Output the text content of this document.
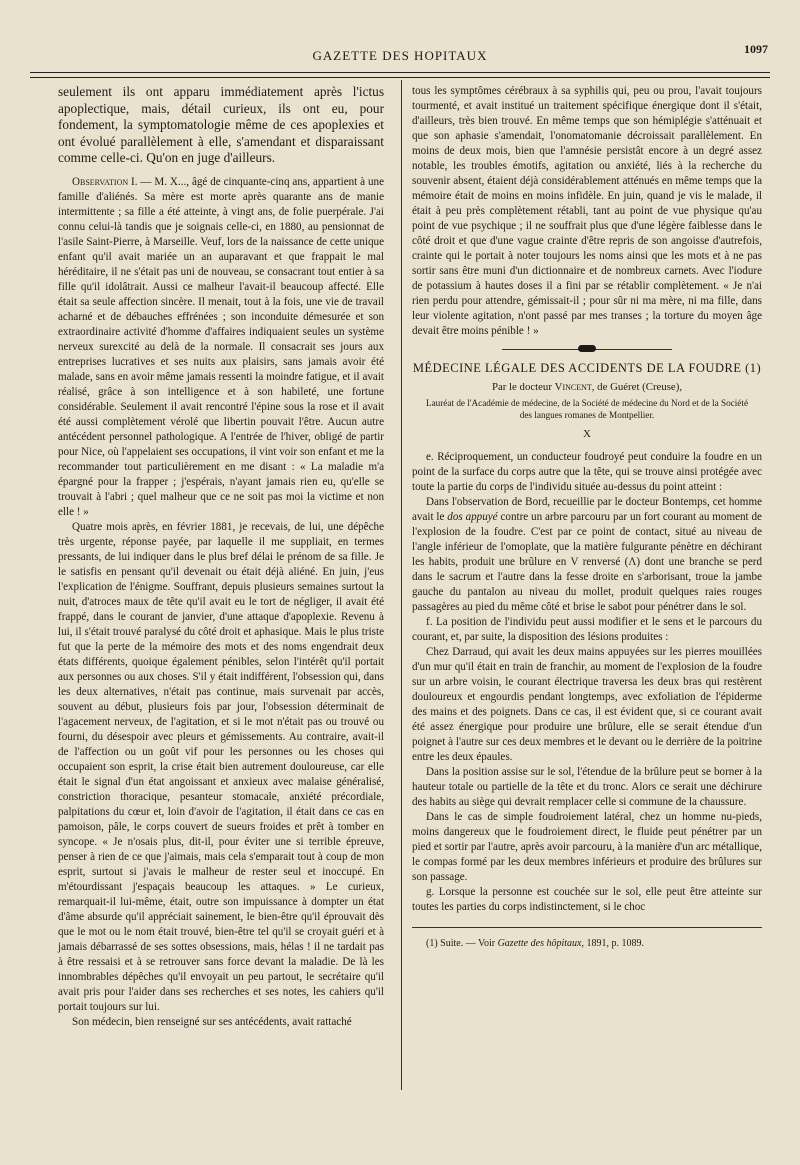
GAZETTE DES HOPITAUX	1097

seulement ils ont apparu immédiatement après l'ictus apoplectique, mais, détail curieux, ils ont eu, pour fondement, la symptomatologie même de ces apoplexies et ont évolué parallèlement à elle, s'amendant et disparaissant comme celle-ci. Qu'on en juge d'ailleurs.

Observation I. — M. X..., âgé de cinquante-cinq ans, appartient à une famille d'aliénés. Sa mère est morte après quarante ans de manie intermittente ; sa fille a été atteinte, à vingt ans, de folie puerpérale. J'ai connu celui-là tandis que je soignais celle-ci, en 1880, au pensionnat de l'asile Saint-Pierre, à Marseille. Veuf, lors de la naissance de cette unique enfant qu'il avait mariée un an auparavant et que frappait le mal héréditaire, il ne s'était pas uni de nouveau, se consacrant tout entier à sa fille qu'il idolâtrait. Aussi ce malheur l'avait-il beaucoup affecté. Elle était sa seule affection sincère. Il menait, tout à la fois, une vie de travail acharné et de débauches effrénées ; son inconduite démesurée et son extraordinaire activité d'homme d'affaires indiquaient seules un système nerveux surexcité au delà de la normale. Il consacrait ses jours aux entreprises lucratives et ses nuits aux plaisirs, sans jamais avoir été malade, sans en avoir même jamais ressenti la moindre fatigue, et il avait réalisé, grâce à son intelligence et à son habileté, une fortune considérable. Seulement il avait rencontré l'épine sous la rose et il avait été aussi complètement vérolé que libertin pouvait l'être. Aucun autre antécédent personnel pathologique. A l'entrée de l'hiver, obligé de partir pour Nice, où l'appelaient ses occupations, il vint voir son enfant et me la recommander tout particulièrement en me disant : « La maladie m'a épargné pour la frapper ; j'espérais, n'ayant jamais rien eu, qu'elle se trouvait à l'abri ; quel malheur que ce ne soit pas moi la victime et non elle ! »

Quatre mois après, en février 1881, je recevais, de lui, une dépêche très urgente, réponse payée, par laquelle il me suppliait, en termes pressants, de lui indiquer dans le plus bref délai le prénom de sa fille. Je le satisfis en pensant qu'il devenait ou était déjà aliéné. En juin, j'eus l'explication de l'énigme. Souffrant, depuis plusieurs semaines surtout la nuit, d'atroces maux de tête qu'il avait eu le tort de négliger, il avait été frappé, dans le courant de janvier, d'une attaque d'apoplexie. Revenu à lui, il s'était trouvé paralysé du côté droit et aphasique. Mais le plus triste fut que la perte de la mémoire des mots et des noms engendrait deux états différents, quoique également pénibles, selon l'intérêt qu'il portait aux personnes ou aux choses. S'il y était indifférent, l'obsession qui, dans les deux alternatives, n'était pas continue, mais survenait par accès, souvent au début, plusieurs fois par jour, l'obsession déterminait de l'agacement nerveux, de l'agitation, et si le mot n'était pas ou trouvé ou fourni, du désespoir avec pleurs et gémissements. Au contraire, avait-il de l'affection ou un goût vif pour les personnes ou les choses qui occupaient son esprit, la crise était bien autrement douloureuse, car elle était le signal d'un état angoissant et anxieux avec malaise généralisé, constriction thoracique, pesanteur stomacale, anxiété précordiale, palpitations du cœur et, loin d'avoir de l'agitation, il était dans ce cas en pamoison, pâle, le corps couvert de sueurs froides et prêt à tomber en syncope. « Je n'osais plus, dit-il, pour éviter une si terrible épreuve, penser à rien de ce que j'aimais, mais cela s'emparait tout à coup de mon esprit, surtout si j'avais le malheur de rester seul et inoccupé. En m'étourdissant j'espaçais beaucoup les attaques. » Le curieux, remarquait-il lui-même, était, outre son impuissance à dompter un état d'âme absurde qu'il appréciait sainement, le bien-être qu'il éprouvait dès que le mot ou le nom était trouvé, bien-être tel qu'il se croyait guéri et à jamais débarrassé de ses sottes obsessions, mais, hélas ! il ne tardait pas à être ressaisi et à se retrouver sans force devant la maladie. De là les innombrables dépêches qu'il envoyait un peu partout, le secrétaire qu'il avait pris pour l'aider dans ses recherches et ses notes, les cahiers qu'il portait toujours sur lui.

Son médecin, bien renseigné sur ses antécédents, avait rattaché

tous les symptômes cérébraux à sa syphilis qui, peu ou prou, l'avait toujours tourmenté, et avait institué un traitement spécifique énergique dont il s'était, d'ailleurs, très bien trouvé. En même temps que son hémiplégie s'atténuait et que son aphasie s'amendait, l'onomatomanie décroissait parallèlement. En moins de deux mois, bien que l'amnésie persistât encore à un degré assez notable, les troubles émotifs, agitation ou anxiété, liés à la recherche du souvenir absent, étaient déjà considérablement atténués en même temps que la mémoire était de moins en moins infidèle. En juin, quand je vis le malade, il était à peu près complètement rétabli, tant au point de vue physique qu'au point de vue psychique ; il ne souffrait plus que d'une légère faiblesse dans le côté droit et que d'une vague crainte d'être repris de son angoisse d'autrefois, crainte qui le portait à noter toujours les noms ainsi que les mots et à ne pas sortir sans être muni d'un dictionnaire et de nombreux carnets. Avec l'iodure de potassium à hautes doses il a fini par se rétablir complètement. « Je n'ai rien perdu pour attendre, gémissait-il ; pour sûr ni ma mère, ni ma fille, dans leur violente agitation, n'ont passé par mes transes ; la torture du moyen âge devait être moins pénible ! »

MÉDECINE LÉGALE DES ACCIDENTS DE LA FOUDRE (1)
Par le docteur Vincent, de Guéret (Creuse),
Lauréat de l'Académie de médecine, de la Société de médecine du Nord et de la Société des langues romanes de Montpellier.
X

e. Réciproquement, un conducteur foudroyé peut conduire la foudre en un point de la surface du corps autre que la tête, qui se trouve ainsi protégée avec toute la partie du corps de l'individu située au-dessus du point atteint :

Dans l'observation de Bord, recueillie par le docteur Bontemps, cet homme avait le dos appuyé contre un arbre parcouru par un fort courant au moment de l'explosion de la foudre. C'est par ce point de contact, situé au niveau de l'angle inférieur de l'omoplate, que la matière fulgurante pénètre en déchirant les habits, produit une brûlure en V renversé (Λ) dont une branche se perd dans le sacrum et l'autre dans la fesse droite en s'arborisant, troue la jambe gauche du pantalon au niveau du mollet, produit quelques raies rouges passagères au pied du même côté et brise le sabot pour pénétrer dans le sol.

f. La position de l'individu peut aussi modifier et le sens et le parcours du courant, et, par suite, la disposition des lésions produites :

Chez Darraud, qui avait les deux mains appuyées sur les pierres mouillées d'un mur qu'il était en train de franchir, au moment de l'explosion de la foudre sur un arbre voisin, le courant électrique traversa les deux bras qui restèrent douloureux et engourdis pendant longtemps, avec exfoliation de l'épiderme des mains et des poignets. Dans ce cas, il est évident que, si ce courant avait été assez énergique pour produire une brûlure, elle se serait étendue d'un poignet à l'autre sur ces deux membres et le devant ou le derrière de la poitrine entre les deux épaules.

Dans la position assise sur le sol, l'étendue de la brûlure peut se borner à la hauteur totale ou partielle de la tête et du tronc. Alors ce serait une déchirure des habits au siège qui devrait remplacer celle si commune de la chaussure.

Dans le cas de simple foudroiement latéral, chez un homme nu-pieds, moins dangereux que le foudroiement direct, le fluide peut pénétrer par un pied et sortir par l'autre, après avoir parcouru, à la manière d'un arc métallique, le compas formé par les deux membres inférieurs et produire des brûlures sur son passage.

g. Lorsque la personne est couchée sur le sol, elle peut être atteinte sur toutes les parties du corps indistinctement, si le choc

(1) Suite. — Voir Gazette des hôpitaux, 1891, p. 1089.
